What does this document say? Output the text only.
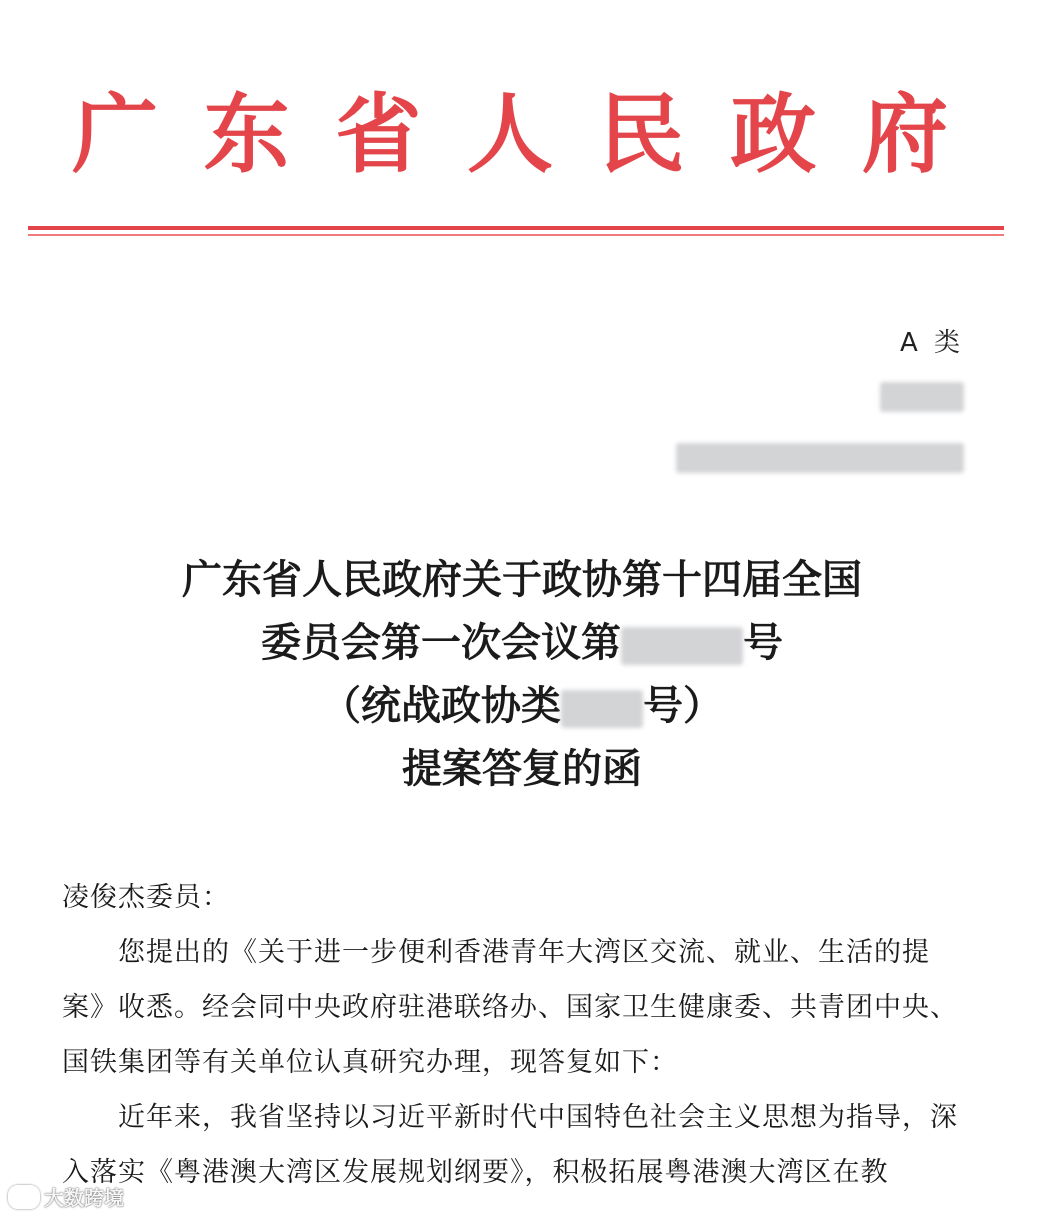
广 东 省 人 民 政 府
A 类
广东省人民政府关于政协第十四届全国
委员会第一次会议第	号
（统战政协类 号）
提案答复的函

凌俊杰委员：

您提出的《关于进一步便利香港青年大湾区交流、就业、生活的提案》收悉。经会同中央政府驻港联络办、国家卫生健康委、共青团中央、国铁集团等有关单位认真研究办理，现答复如下：

近年来，我省坚持以习近平新时代中国特色社会主义思想为指导，深入落实《粤港澳大湾区发展规划纲要》，积极拓展粤港澳大湾区在教

大数跨境
